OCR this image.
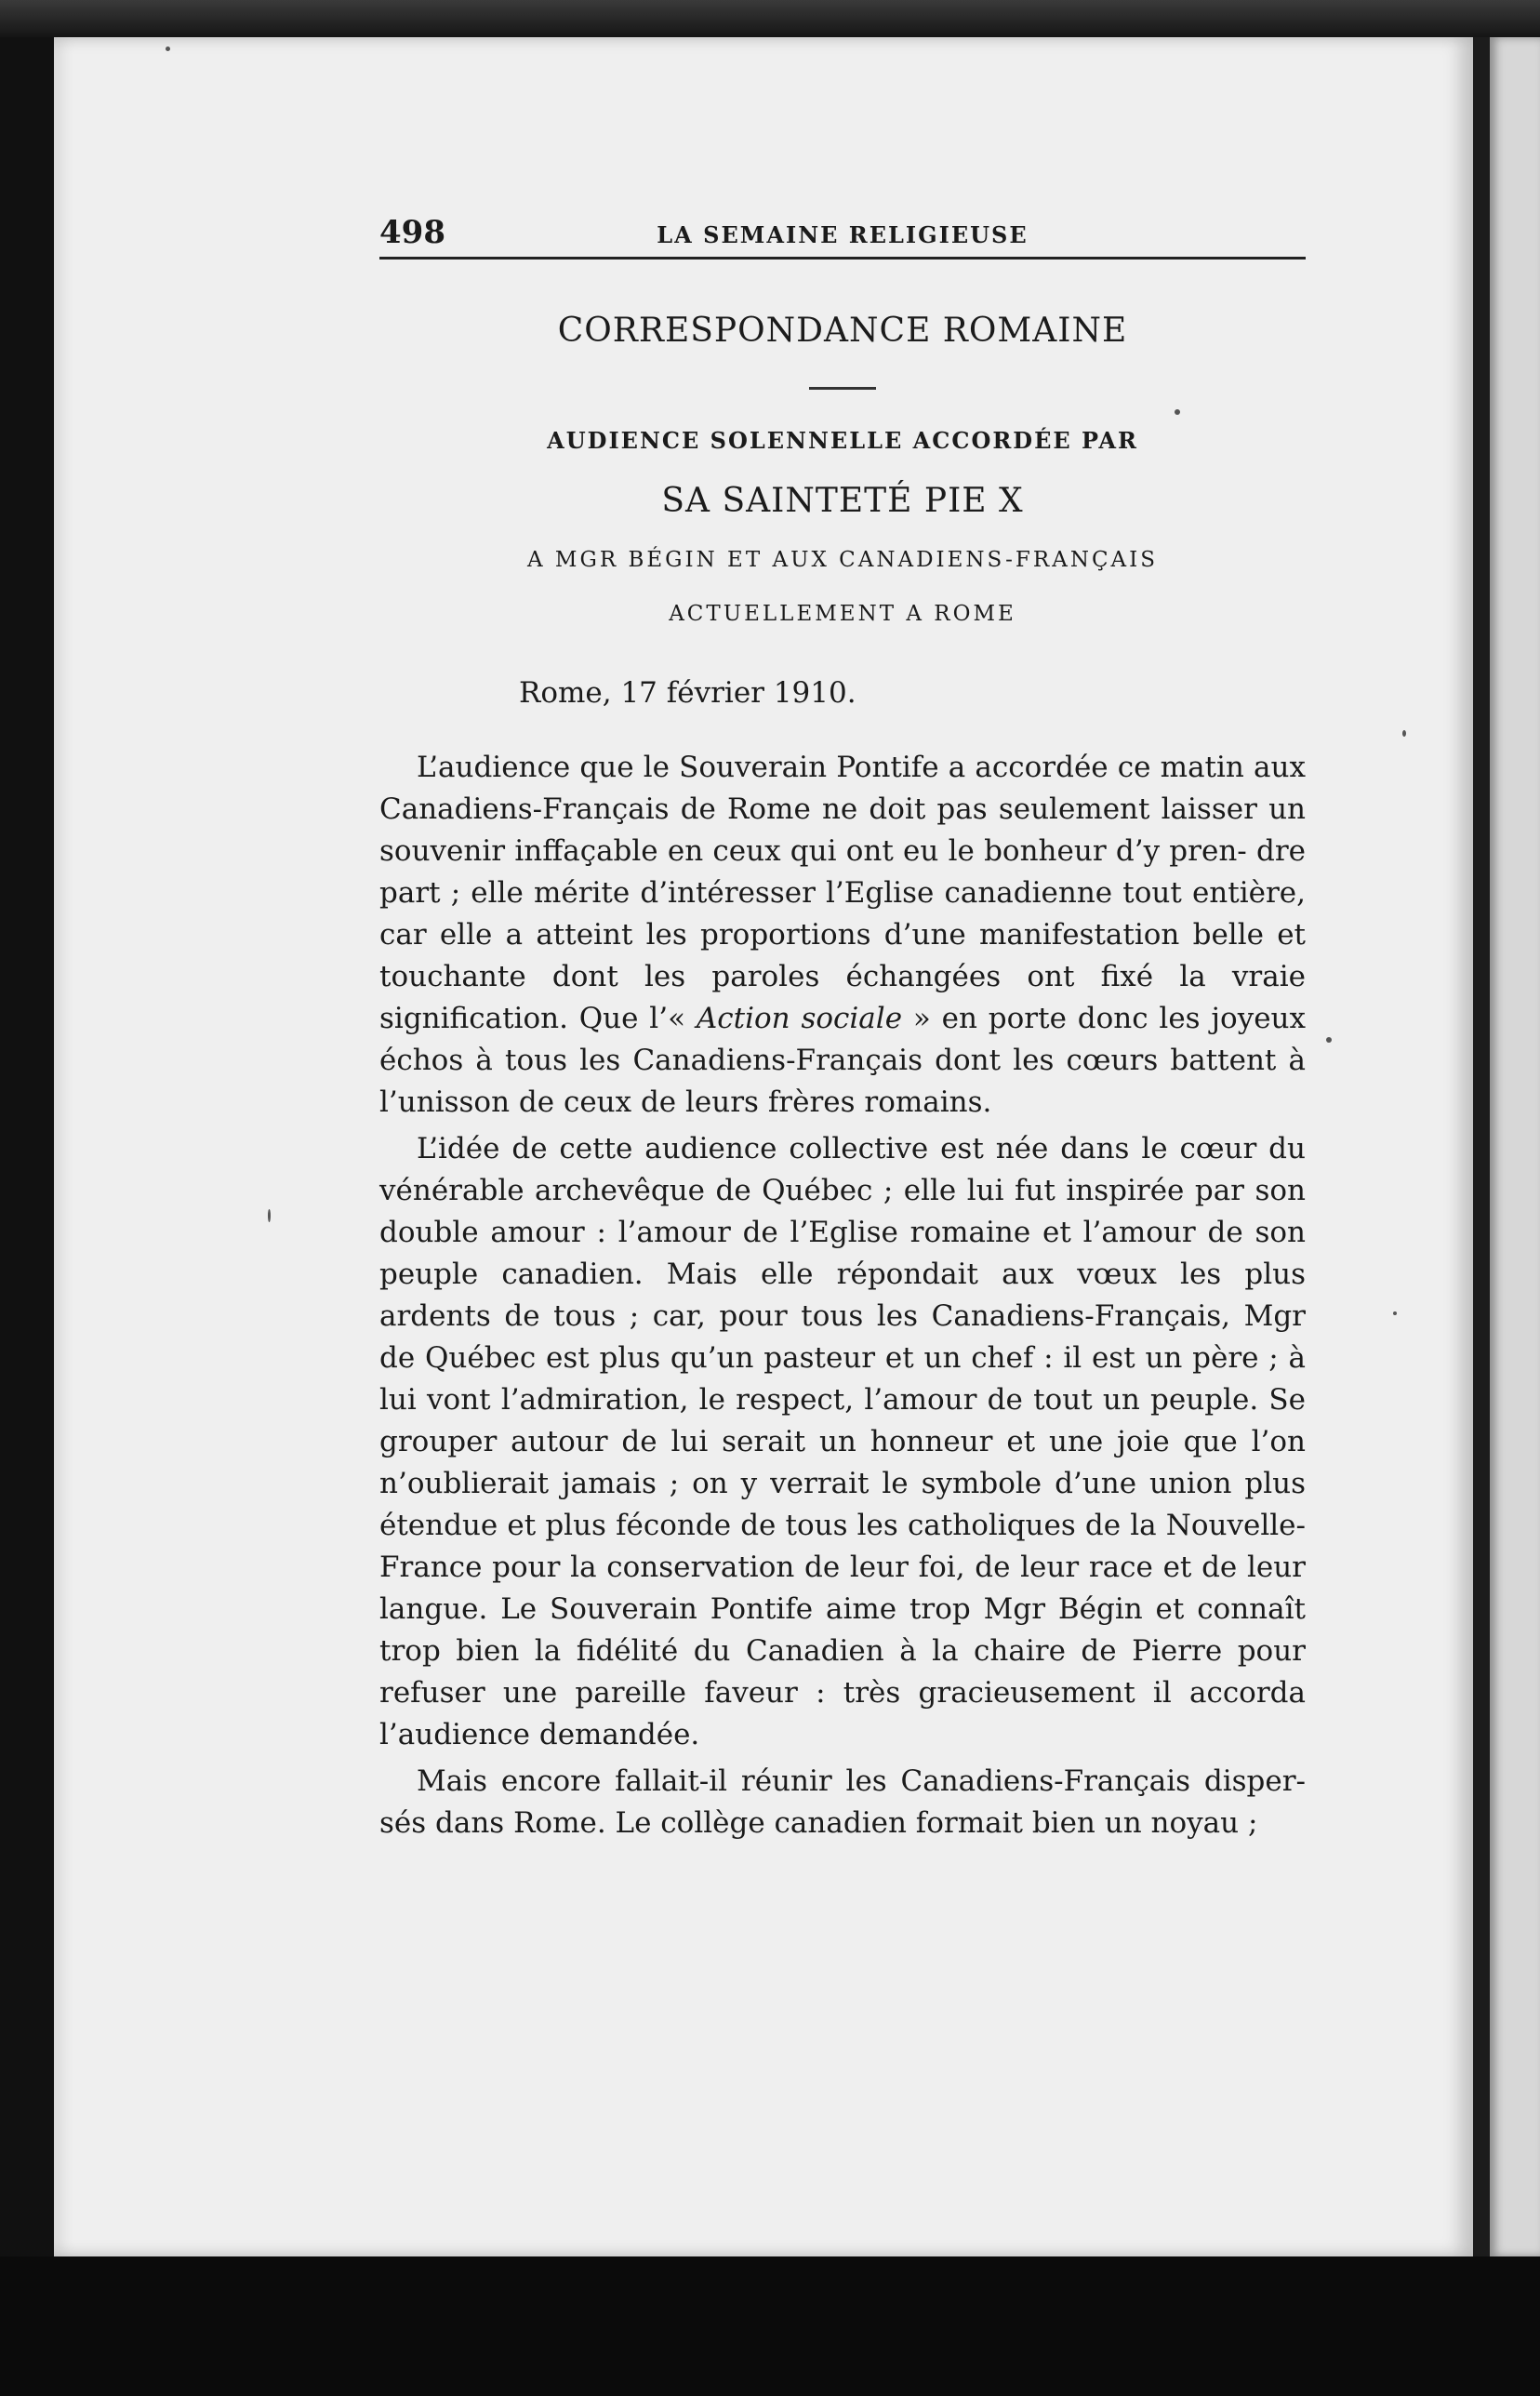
498	LA SEMAINE RELIGIEUSE
CORRESPONDANCE ROMAINE
AUDIENCE SOLENNELLE ACCORDÉE PAR
SA SAINTETÉ PIE X
A MGR BÉGIN ET AUX CANADIENS-FRANÇAIS
ACTUELLEMENT A ROME
Rome, 17 février 1910.

L’audience que le Souverain Pontife a accordée ce matin aux Canadiens-Français de Rome ne doit pas seulement laisser un souvenir inffaçable en ceux qui ont eu le bonheur d’y pren- dre part ; elle mérite d’intéresser l’Eglise canadienne tout entière, car elle a atteint les proportions d’une manifestation belle et touchante dont les paroles échangées ont fixé la vraie signification. Que l’« Action sociale » en porte donc les joyeux échos à tous les Canadiens-Français dont les cœurs battent à l’unisson de ceux de leurs frères romains.

L’idée de cette audience collective est née dans le cœur du vénérable archevêque de Québec ; elle lui fut inspirée par son double amour : l’amour de l’Eglise romaine et l’amour de son peuple canadien. Mais elle répondait aux vœux les plus ardents de tous ; car, pour tous les Canadiens-Français, Mgr de Québec est plus qu’un pasteur et un chef : il est un père ; à lui vont l’admiration, le respect, l’amour de tout un peuple. Se grouper autour de lui serait un honneur et une joie que l’on n’oublierait jamais ; on y verrait le symbole d’une union plus étendue et plus féconde de tous les catholiques de la Nouvelle-France pour la conservation de leur foi, de leur race et de leur langue. Le Souverain Pontife aime trop Mgr Bégin et connaît trop bien la fidélité du Canadien à la chaire de Pierre pour refuser une pareille faveur : très gracieusement il accorda l’audience demandée.

Mais encore fallait-il réunir les Canadiens-Français disper- sés dans Rome. Le collège canadien formait bien un noyau ;
